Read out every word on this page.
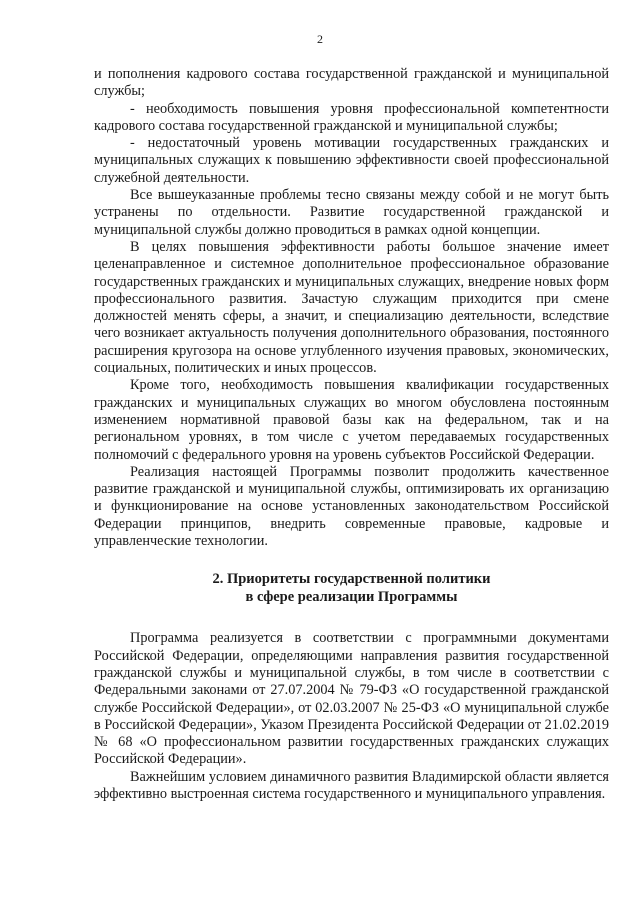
2

и пополнения кадрового состава государственной гражданской и муниципальной службы;

- необходимость повышения уровня профессиональной компетентности кадрового состава государственной гражданской и муниципальной службы;

- недостаточный уровень мотивации государственных гражданских и муниципальных служащих к повышению эффективности своей профессиональной служебной деятельности.

Все вышеуказанные проблемы тесно связаны между собой и не могут быть устранены по отдельности. Развитие государственной гражданской и муниципальной службы должно проводиться в рамках одной концепции.

В целях повышения эффективности работы большое значение имеет целенаправленное и системное дополнительное профессиональное образование государственных гражданских и муниципальных служащих, внедрение новых форм профессионального развития. Зачастую служащим приходится при смене должностей менять сферы, а значит, и специализацию деятельности, вследствие чего возникает актуальность получения дополнительного образования, постоянного расширения кругозора на основе углубленного изучения правовых, экономических, социальных, политических и иных процессов.

Кроме того, необходимость повышения квалификации государственных гражданских и муниципальных служащих во многом обусловлена постоянным изменением нормативной правовой базы как на федеральном, так и на региональном уровнях, в том числе с учетом передаваемых государственных полномочий с федерального уровня на уровень субъектов Российской Федерации.

Реализация настоящей Программы позволит продолжить качественное развитие гражданской и муниципальной службы, оптимизировать их организацию и функционирование на основе установленных законодательством Российской Федерации принципов, внедрить современные правовые, кадровые и управленческие технологии.

2. Приоритеты государственной политики

в сфере реализации Программы

Программа реализуется в соответствии с программными документами Российской Федерации, определяющими направления развития государственной гражданской службы и муниципальной службы, в том числе в соответствии с Федеральными законами от 27.07.2004 № 79-ФЗ «О государственной гражданской службе Российской Федерации», от 02.03.2007 № 25-ФЗ «О муниципальной службе в Российской Федерации», Указом Президента Российской Федерации от 21.02.2019 № 68 «О профессиональном развитии государственных гражданских служащих Российской Федерации».

Важнейшим условием динамичного развития Владимирской области является эффективно выстроенная система государственного и муниципального управления.
